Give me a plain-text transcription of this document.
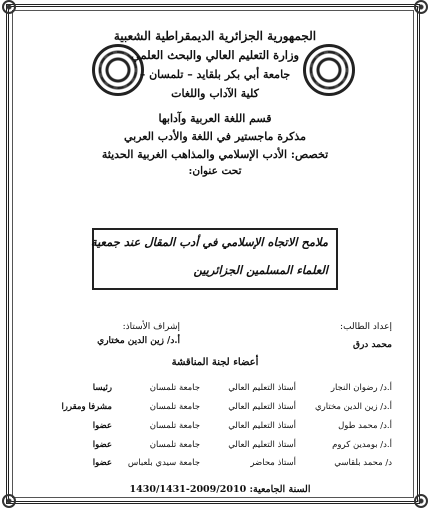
الجمهورية الجزائرية الديمقراطية الشعبية
وزارة التعليم العالي والبحث العلمي
جامعة أبي بكر بلقايد – تلمسان –
كلية الآداب واللغات
قسم اللغة العربية وآدابها
مذكرة ماجستير في اللغة والأدب العربي
تخصص: الأدب الإسلامي والمذاهب الغربية الحديثة
تحت عنوان:
ملامح الاتجاه الإسلامي في أدب المقال عند جمعية
العلماء المسلمين الجزائريين
إعداد الطالب:
إشراف الأستاذ:
محمد درق
أ.د/ زين الدين مختاري
أعضاء لجنة المناقشة
أ.د/ رضوان النجار
أستاذ التعليم العالي
جامعة تلمسان
رئيسا
أ.د/ زين الدين مختاري
أستاذ التعليم العالي
جامعة تلمسان
مشرفا ومقررا
أ.د/ محمد طول
أستاذ التعليم العالي
جامعة تلمسان
عضوا
أ.د/ بومدين كروم
أستاذ التعليم العالي
جامعة تلمسان
عضوا
د/ محمد بلقاسي
أستاذ محاضر
جامعة سيدي بلعباس
عضوا
السنة الجامعية: 2009/2010-1430/1431
